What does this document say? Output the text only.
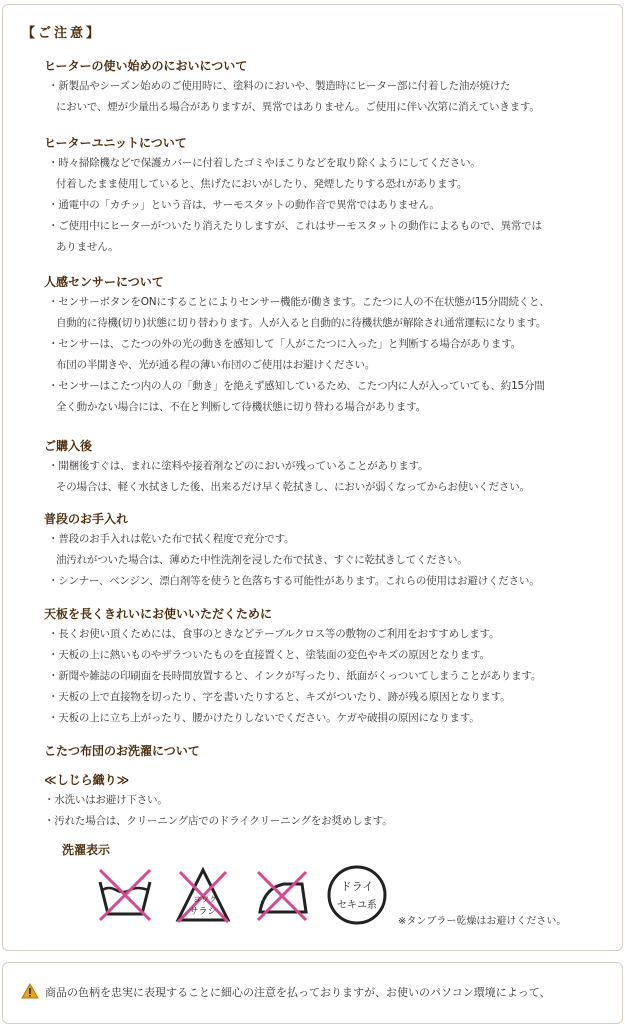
【ご注意】
ヒーターの使い始めのにおいについて
・新製品やシーズン始めのご使用時に、塗料のにおいや、製造時にヒーター部に付着した油が焼けた
においで、煙が少量出る場合がありますが、異常ではありません。ご使用に伴い次第に消えていきます。
ヒーターユニットについて
・時々掃除機などで保護カバーに付着したゴミやほこりなどを取り除くようにしてください。
付着したまま使用していると、焦げたにおいがしたり、発煙したりする恐れがあります。
・通電中の「カチッ」という音は、サーモスタットの動作音で異常ではありません。
・ご使用中にヒーターがついたり消えたりしますが、これはサーモスタットの動作によるもので、異常では
ありません。
人感センサーについて
・センサーボタンをONにすることによりセンサー機能が働きます。こたつに人の不在状態が15分間続くと、
自動的に待機(切り)状態に切り替わります。人が入ると自動的に待機状態が解除され通常運転になります。
・センサーは、こたつの外の光の動きを感知して「人がこたつに入った」と判断する場合があります。
布団の半開きや、光が通る程の薄い布団のご使用はお避けください。
・センサーはこたつ内の人の「動き」を絶えず感知しているため、こたつ内に人が入っていても、約15分間
全く動かない場合には、不在と判断して待機状態に切り替わる場合があります。
ご購入後
・開梱後すぐは、まれに塗料や接着剤などのにおいが残っていることがあります。
その場合は、軽く水拭きした後、出来るだけ早く乾拭きし、においが弱くなってからお使いください。
普段のお手入れ
・普段のお手入れは乾いた布で拭く程度で充分です。
油汚れがついた場合は、薄めた中性洗剤を浸した布で拭き、すぐに乾拭きしてください。
・シンナー、ベンジン、漂白剤等を使うと色落ちする可能性があります。これらの使用はお避けください。
天板を長くきれいにお使いいただくために
・長くお使い頂くためには、食事のときなどテーブルクロス等の敷物のご利用をおすすめします。
・天板の上に熱いものやザラついたものを直接置くと、塗装面の変色やキズの原因となります。
・新聞や雑誌の印刷面を長時間放置すると、インクが写ったり、紙面がくっついてしまうことがあります。
・天板の上で直接物を切ったり、字を書いたりすると、キズがついたり、跡が残る原因となります。
・天板の上に立ち上がったり、腰かけたりしないでください。ケガや破損の原因になります。
こたつ布団のお洗濯について
≪しじら織り≫
・水洗いはお避け下さい。
・汚れた場合は、クリーニング店でのドライクリーニングをお奨めします。
洗濯表示
ヨワク
サラシ
ドライ
セキユ系
※タンブラー乾燥はお避けください。
商品の色柄を忠実に表現することに細心の注意を払っておりますが、お使いのパソコン環境によって、
